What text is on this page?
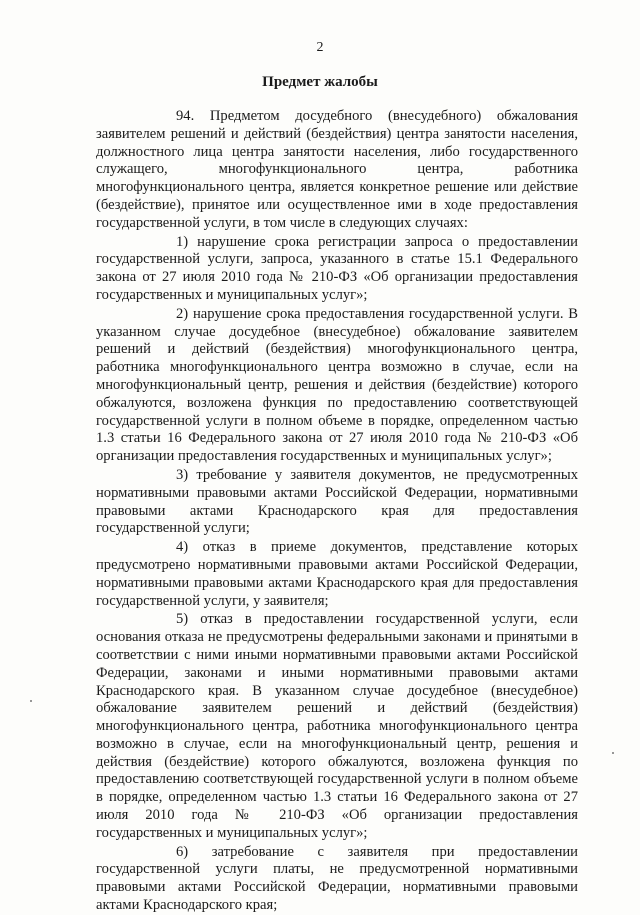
2
Предмет жалобы

94. Предметом досудебного (внесудебного) обжалования заявителем решений и действий (бездействия) центра занятости населения, должностного лица центра занятости населения, либо государственного служащего, многофункционального центра, работника многофункционального центра, является конкретное решение или действие (бездействие), принятое или осуществленное ими в ходе предоставления государственной услуги, в том числе в следующих случаях:

1) нарушение срока регистрации запроса о предоставлении государственной услуги, запроса, указанного в статье 15.1 Федерального закона от 27 июля 2010 года № 210-ФЗ «Об организации предоставления государственных и муниципальных услуг»;

2) нарушение срока предоставления государственной услуги. В указанном случае досудебное (внесудебное) обжалование заявителем решений и действий (бездействия) многофункционального центра, работника многофункционального центра возможно в случае, если на многофункциональный центр, решения и действия (бездействие) которого обжалуются, возложена функция по предоставлению соответствующей государственной услуги в полном объеме в порядке, определенном частью 1.3 статьи 16 Федерального закона от 27 июля 2010 года № 210-ФЗ «Об организации предоставления государственных и муниципальных услуг»;

3) требование у заявителя документов, не предусмотренных нормативными правовыми актами Российской Федерации, нормативными правовыми актами Краснодарского края для предоставления государственной услуги;

4) отказ в приеме документов, представление которых предусмотрено нормативными правовыми актами Российской Федерации, нормативными правовыми актами Краснодарского края для предоставления государственной услуги, у заявителя;

5) отказ в предоставлении государственной услуги, если основания отказа не предусмотрены федеральными законами и принятыми в соответствии с ними иными нормативными правовыми актами Российской Федерации, законами и иными нормативными правовыми актами Краснодарского края. В указанном случае досудебное (внесудебное) обжалование заявителем решений и действий (бездействия) многофункционального центра, работника многофункционального центра возможно в случае, если на многофункциональный центр, решения и действия (бездействие) которого обжалуются, возложена функция по предоставлению соответствующей государственной услуги в полном объеме в порядке, определенном частью 1.3 статьи 16 Федерального закона от 27 июля 2010 года № 210-ФЗ «Об организации предоставления государственных и муниципальных услуг»;

6) затребование с заявителя при предоставлении государственной услуги платы, не предусмотренной нормативными правовыми актами Российской Федерации, нормативными правовыми актами Краснодарского края;
